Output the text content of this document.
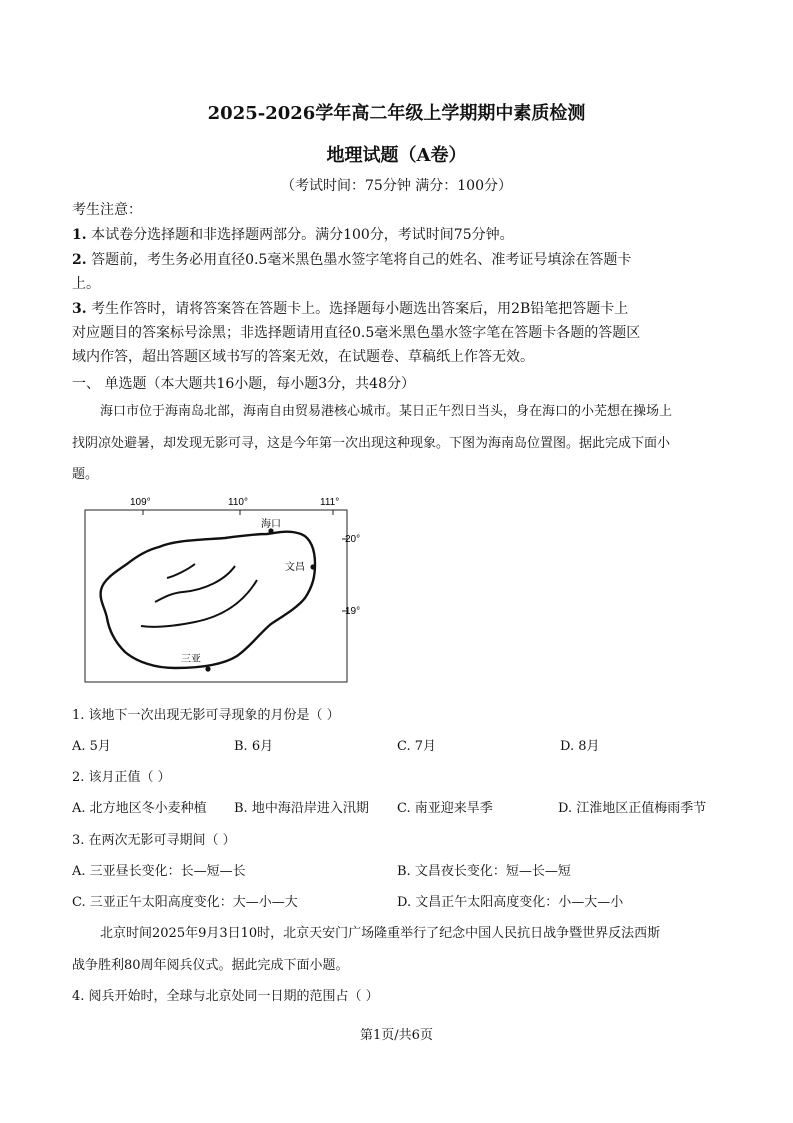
2025-2026学年高二年级上学期期中素质检测
地理试题（A卷）
（考试时间：75分钟 满分：100分）
考生注意：
1. 本试卷分选择题和非选择题两部分。满分100分，考试时间75分钟。
2. 答题前，考生务必用直径0.5毫米黑色墨水签字笔将自己的姓名、准考证号填涂在答题卡
上。
3. 考生作答时，请将答案答在答题卡上。选择题每小题选出答案后，用2B铅笔把答题卡上
对应题目的答案标号涂黑；非选择题请用直径0.5毫米黑色墨水签字笔在答题卡各题的答题区
域内作答，超出答题区域书写的答案无效，在试题卷、草稿纸上作答无效。
一、 单选题（本大题共16小题，每小题3分，共48分）
海口市位于海南岛北部，海南自由贸易港核心城市。某日正午烈日当头，身在海口的小芜想在操场上
找阴凉处避暑，却发现无影可寻，这是今年第一次出现这种现象。下图为海南岛位置图。据此完成下面小
题。
109°	110°	111°
20°
19°
海口
文昌
三亚
1. 该地下一次出现无影可寻现象的月份是（ ）
A. 5月	B. 6月	C. 7月	D. 8月
2. 该月正值（ ）
A. 北方地区冬小麦种植 B. 地中海沿岸进入汛期 C. 南亚迎来旱季	D. 江淮地区正值梅雨季节
3. 在两次无影可寻期间（ ）
A. 三亚昼长变化：长—短—长	B. 文昌夜长变化：短—长—短
C. 三亚正午太阳高度变化：大—小—大	D. 文昌正午太阳高度变化：小—大—小
北京时间2025年9月3日10时，北京天安门广场隆重举行了纪念中国人民抗日战争暨世界反法西斯
战争胜利80周年阅兵仪式。据此完成下面小题。
4. 阅兵开始时，全球与北京处同一日期的范围占（ ）
第1页/共6页
